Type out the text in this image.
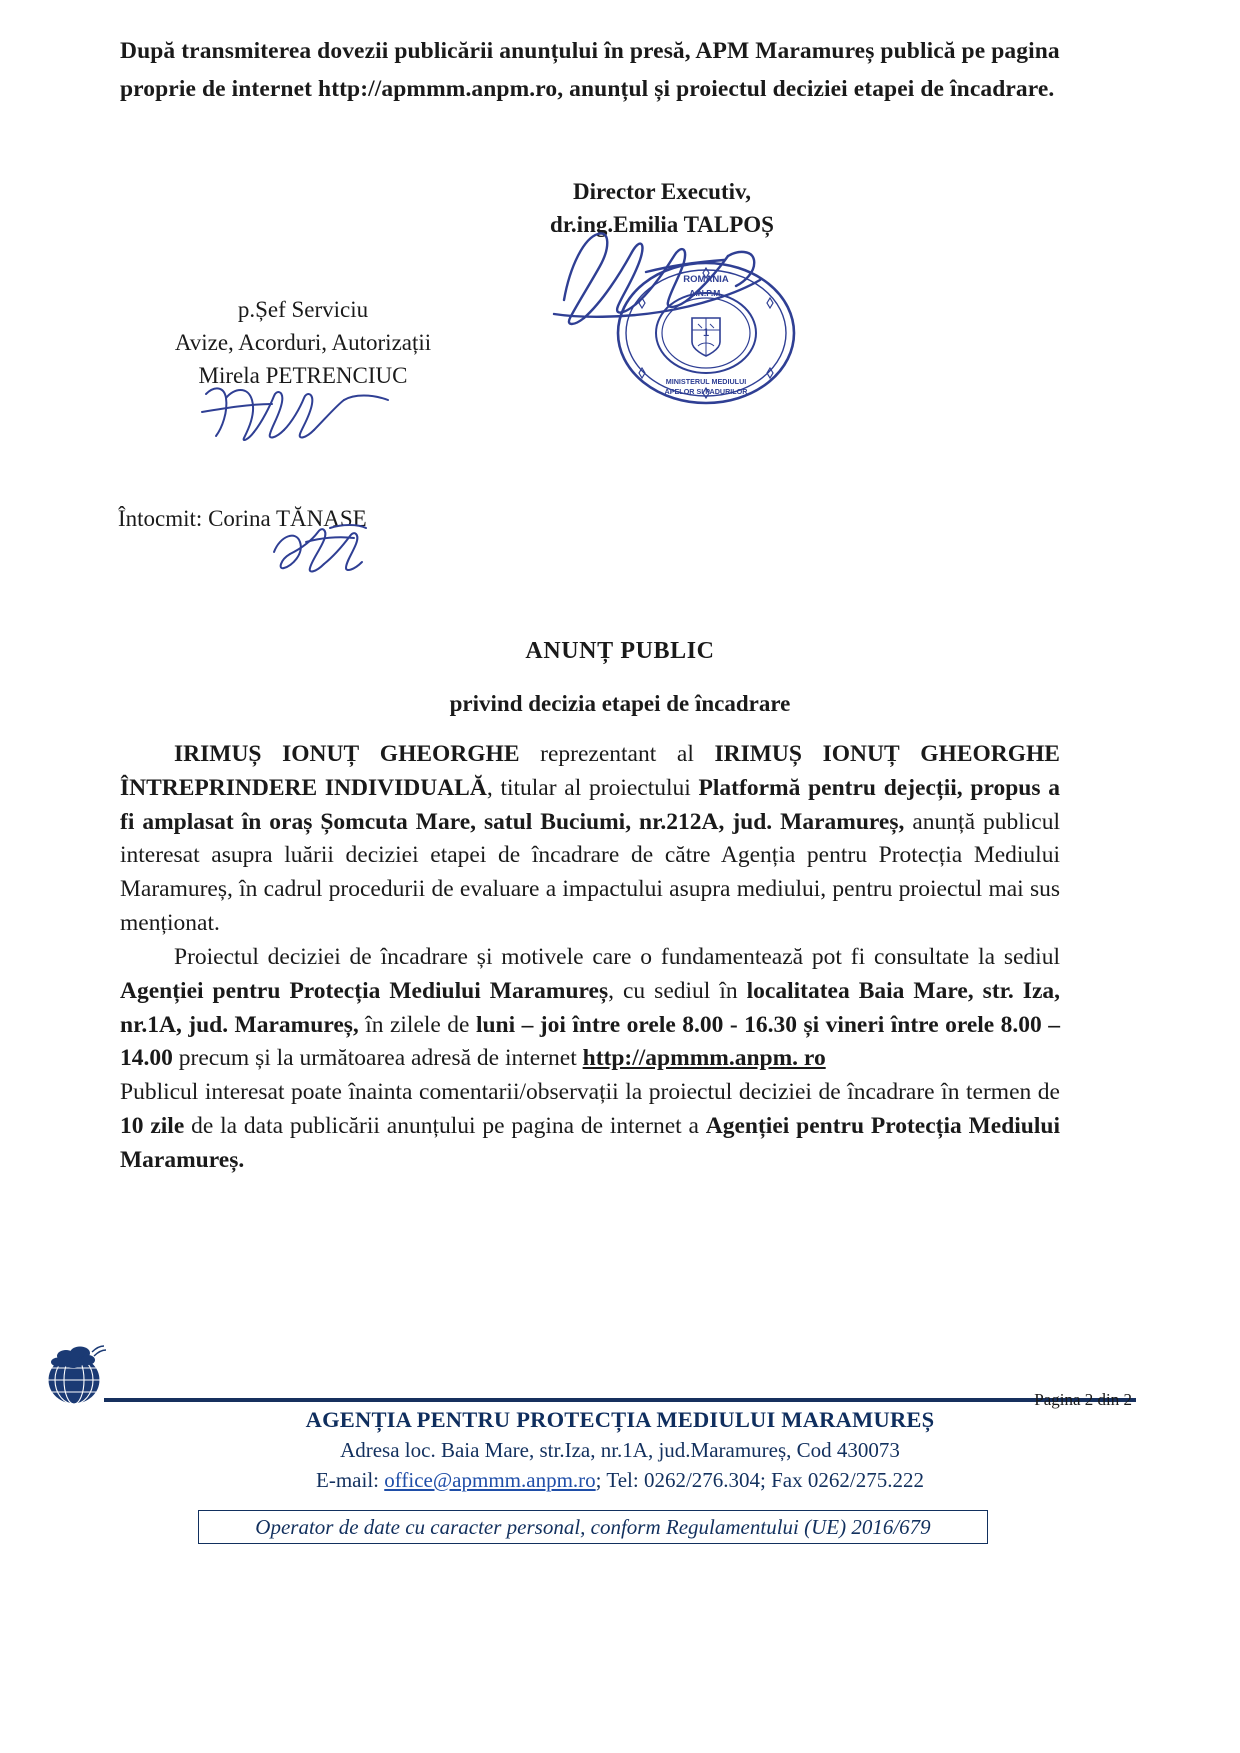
După transmiterea dovezii publicării anunțului în presă, APM Maramureș publică pe pagina proprie de internet http://apmmm.anpm.ro, anunțul și proiectul deciziei etapei de încadrare.
Director Executiv,
dr.ing.Emilia TALPOȘ
ROMANIA
A.N.P.M.
1
MINISTERUL MEDIULUI
APELOR SI PADURILOR
p.Șef Serviciu
Avize, Acorduri, Autorizații
Mirela PETRENCIUC
Întocmit: Corina TĂNASE
ANUNȚ PUBLIC
privind decizia etapei de încadrare

IRIMUȘ IONUȚ GHEORGHE reprezentant al IRIMUȘ IONUȚ GHEORGHE ÎNTREPRINDERE INDIVIDUALĂ, titular al proiectului Platformă pentru dejecții, propus a fi amplasat în oraș Șomcuta Mare, satul Buciumi, nr.212A, jud. Maramureș, anunță publicul interesat asupra luării deciziei etapei de încadrare de către Agenția pentru Protecția Mediului Maramureș, în cadrul procedurii de evaluare a impactului asupra mediului, pentru proiectul mai sus menționat.

Proiectul deciziei de încadrare și motivele care o fundamentează pot fi consultate la sediul Agenției pentru Protecția Mediului Maramureș, cu sediul în localitatea Baia Mare, str. Iza, nr.1A, jud. Maramureș, în zilele de luni – joi între orele 8.00 - 16.30 și vineri între orele 8.00 – 14.00 precum și la următoarea adresă de internet http://apmmm.anpm. ro

Publicul interesat poate înainta comentarii/observații la proiectul deciziei de încadrare în termen de 10 zile de la data publicării anunțului pe pagina de internet a Agenției pentru Protecția Mediului Maramureș.

Pagina 2 din 2
AGENȚIA PENTRU PROTECȚIA MEDIULUI MARAMUREȘ
Adresa loc. Baia Mare, str.Iza, nr.1A, jud.Maramureș, Cod 430073
E-mail: office@apmmm.anpm.ro; Tel: 0262/276.304; Fax 0262/275.222
Operator de date cu caracter personal, conform Regulamentului (UE) 2016/679
